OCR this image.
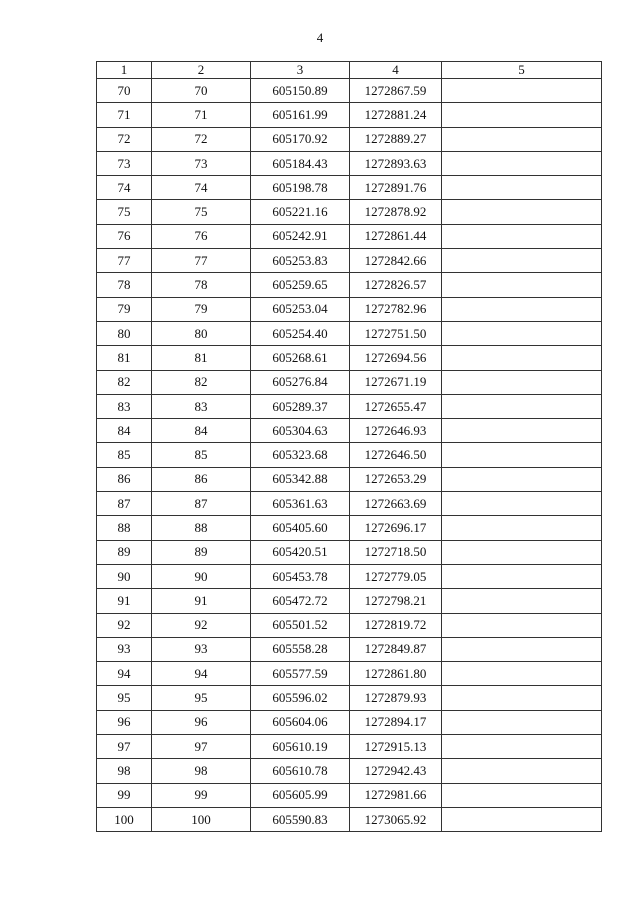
4
1	2	3	4	5
70	70	605150.89	1272867.59	
71	71	605161.99	1272881.24	
72	72	605170.92	1272889.27	
73	73	605184.43	1272893.63	
74	74	605198.78	1272891.76	
75	75	605221.16	1272878.92	
76	76	605242.91	1272861.44	
77	77	605253.83	1272842.66	
78	78	605259.65	1272826.57	
79	79	605253.04	1272782.96	
80	80	605254.40	1272751.50	
81	81	605268.61	1272694.56	
82	82	605276.84	1272671.19	
83	83	605289.37	1272655.47	
84	84	605304.63	1272646.93	
85	85	605323.68	1272646.50	
86	86	605342.88	1272653.29	
87	87	605361.63	1272663.69	
88	88	605405.60	1272696.17	
89	89	605420.51	1272718.50	
90	90	605453.78	1272779.05	
91	91	605472.72	1272798.21	
92	92	605501.52	1272819.72	
93	93	605558.28	1272849.87	
94	94	605577.59	1272861.80	
95	95	605596.02	1272879.93	
96	96	605604.06	1272894.17	
97	97	605610.19	1272915.13	
98	98	605610.78	1272942.43	
99	99	605605.99	1272981.66	
100	100	605590.83	1273065.92	
